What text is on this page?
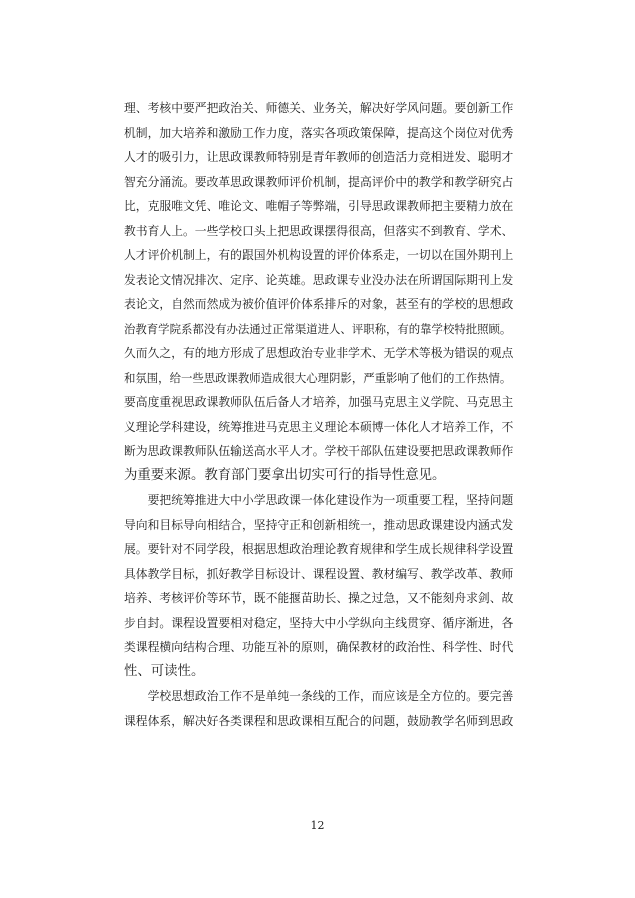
理、考核中要严把政治关、师德关、业务关，解决好学风问题。要创新工作
机制，加大培养和激励工作力度，落实各项政策保障，提高这个岗位对优秀
人才的吸引力，让思政课教师特别是青年教师的创造活力竞相迸发、聪明才
智充分涌流。要改革思政课教师评价机制，提高评价中的教学和教学研究占
比，克服唯文凭、唯论文、唯帽子等弊端，引导思政课教师把主要精力放在
教书育人上。一些学校口头上把思政课摆得很高，但落实不到教育、学术、
人才评价机制上，有的跟国外机构设置的评价体系走，一切以在国外期刊上
发表论文情况排次、定序、论英雄。思政课专业没办法在所谓国际期刊上发
表论文，自然而然成为被价值评价体系排斥的对象，甚至有的学校的思想政
治教育学院系都没有办法通过正常渠道进人、评职称，有的靠学校特批照顾。
久而久之，有的地方形成了思想政治专业非学术、无学术等极为错误的观点
和氛围，给一些思政课教师造成很大心理阴影，严重影响了他们的工作热情。
要高度重视思政课教师队伍后备人才培养，加强马克思主义学院、马克思主
义理论学科建设，统筹推进马克思主义理论本硕博一体化人才培养工作，不
断为思政课教师队伍输送高水平人才。学校干部队伍建设要把思政课教师作
为重要来源。教育部门要拿出切实可行的指导性意见。
　　要把统筹推进大中小学思政课一体化建设作为一项重要工程，坚持问题
导向和目标导向相结合，坚持守正和创新相统一，推动思政课建设内涵式发
展。要针对不同学段，根据思想政治理论教育规律和学生成长规律科学设置
具体教学目标，抓好教学目标设计、课程设置、教材编写、教学改革、教师
培养、考核评价等环节，既不能揠苗助长、操之过急，又不能刻舟求剑、故
步自封。课程设置要相对稳定，坚持大中小学纵向主线贯穿、循序渐进，各
类课程横向结构合理、功能互补的原则，确保教材的政治性、科学性、时代
性、可读性。
　　学校思想政治工作不是单纯一条线的工作，而应该是全方位的。要完善
课程体系，解决好各类课程和思政课相互配合的问题，鼓励教学名师到思政
12
